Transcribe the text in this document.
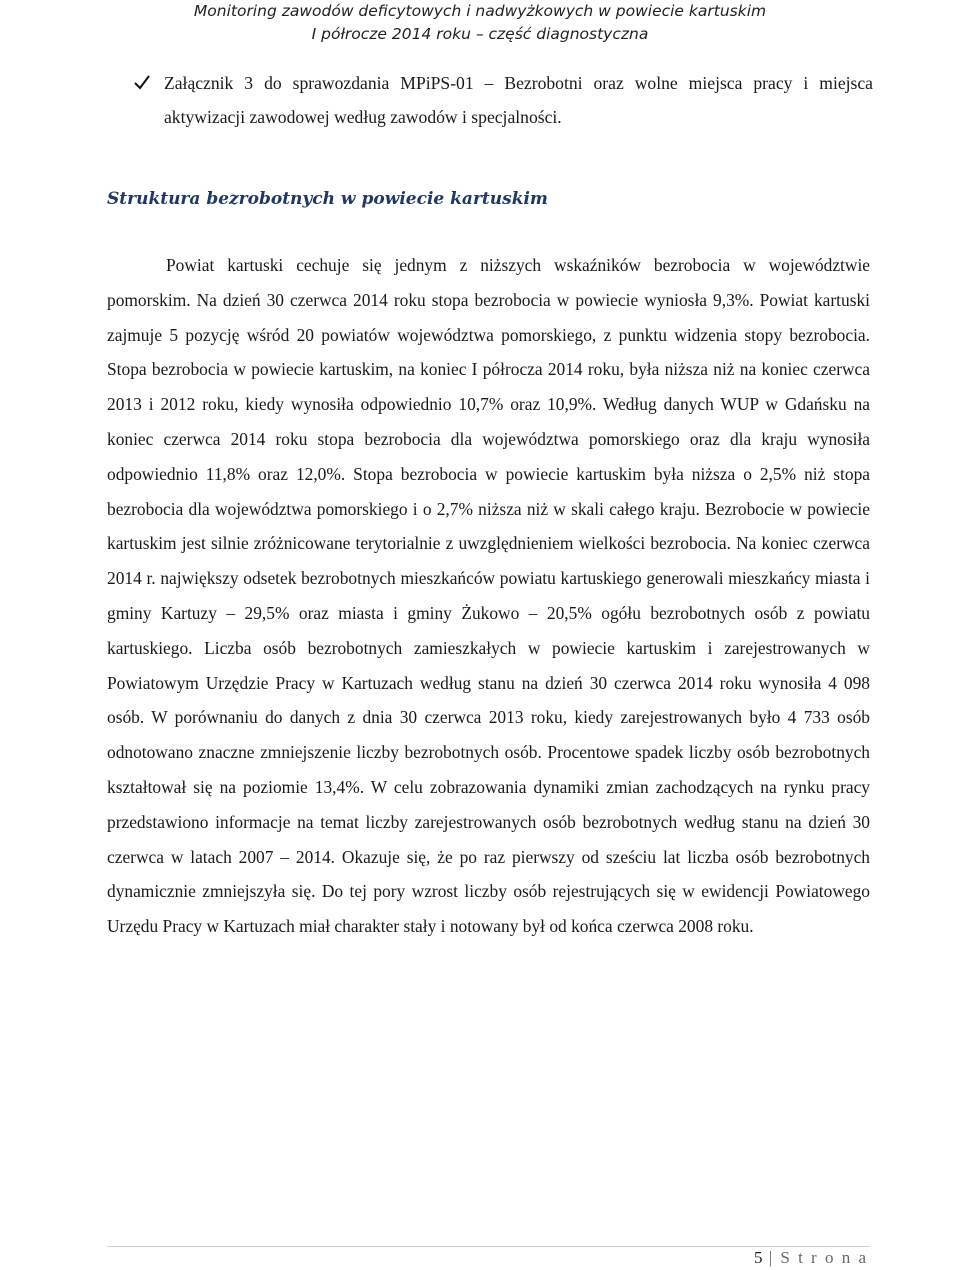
Monitoring zawodów deficytowych i nadwyżkowych w powiecie kartuskim
I półrocze 2014 roku – część diagnostyczna
Załącznik 3 do sprawozdania MPiPS-01 – Bezrobotni oraz wolne miejsca pracy i miejsca aktywizacji zawodowej według zawodów i specjalności.
Struktura bezrobotnych w powiecie kartuskim

Powiat kartuski cechuje się jednym z niższych wskaźników bezrobocia w województwie pomorskim. Na dzień 30 czerwca 2014 roku stopa bezrobocia w powiecie wyniosła 9,3%. Powiat kartuski zajmuje 5 pozycję wśród 20 powiatów województwa pomorskiego, z punktu widzenia stopy bezrobocia. Stopa bezrobocia w powiecie kartuskim, na koniec I półrocza 2014 roku, była niższa niż na koniec czerwca 2013 i 2012 roku, kiedy wynosiła odpowiednio 10,7% oraz 10,9%. Według danych WUP w Gdańsku na koniec czerwca 2014 roku stopa bezrobocia dla województwa pomorskiego oraz dla kraju wynosiła odpowiednio 11,8% oraz 12,0%. Stopa bezrobocia w powiecie kartuskim była niższa o 2,5% niż stopa bezrobocia dla województwa pomorskiego i o 2,7% niższa niż w skali całego kraju. Bezrobocie w powiecie kartuskim jest silnie zróżnicowane terytorialnie z uwzględnieniem wielkości bezrobocia. Na koniec czerwca 2014 r. największy odsetek bezrobotnych mieszkańców powiatu kartuskiego generowali mieszkańcy miasta i gminy Kartuzy – 29,5% oraz miasta i gminy Żukowo – 20,5% ogółu bezrobotnych osób z powiatu kartuskiego. Liczba osób bezrobotnych zamieszkałych w powiecie kartuskim i zarejestrowanych w Powiatowym Urzędzie Pracy w Kartuzach według stanu na dzień 30 czerwca 2014 roku wynosiła 4 098 osób. W porównaniu do danych z dnia 30 czerwca 2013 roku, kiedy zarejestrowanych było 4 733 osób odnotowano znaczne zmniejszenie liczby bezrobotnych osób. Procentowe spadek liczby osób bezrobotnych kształtował się na poziomie 13,4%. W celu zobrazowania dynamiki zmian zachodzących na rynku pracy przedstawiono informacje na temat liczby zarejestrowanych osób bezrobotnych według stanu na dzień 30 czerwca w latach 2007 – 2014. Okazuje się, że po raz pierwszy od sześciu lat liczba osób bezrobotnych dynamicznie zmniejszyła się. Do tej pory wzrost liczby osób rejestrujących się w ewidencji Powiatowego Urzędu Pracy w Kartuzach miał charakter stały i notowany był od końca czerwca 2008 roku.

5 | S t r o n a
